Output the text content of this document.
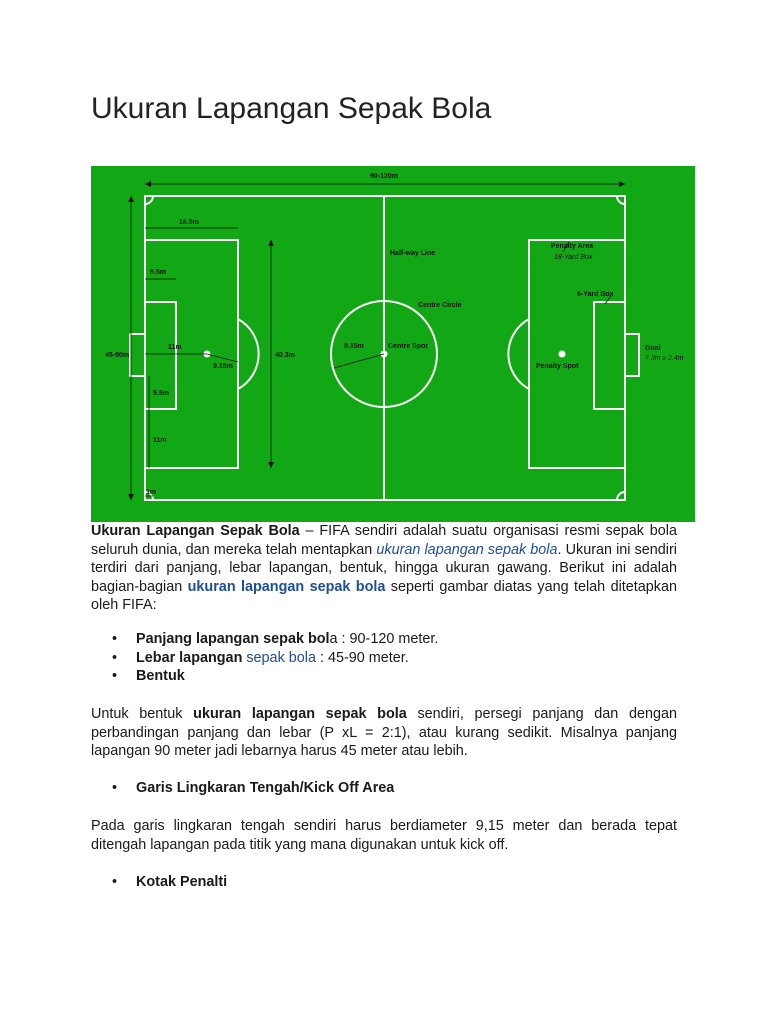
Ukuran Lapangan Sepak Bola
90-120m
45-90m
16.5m
5.5m
11m
9.15m
5.5m
11m
1m
40.3m
9.15m
Half-way Line
Centre Circle
Centre Spot
Penalty Area
6-Yard Box
Goal
Penalty Spot
18-Yard Box
7.3m x 2.4m

Ukuran Lapangan Sepak Bola – FIFA sendiri adalah suatu organisasi resmi sepak bola seluruh dunia, dan mereka telah mentapkan ukuran lapangan sepak bola. Ukuran ini sendiri terdiri dari panjang, lebar lapangan, bentuk, hingga ukuran gawang. Berikut ini adalah bagian-bagian ukuran lapangan sepak bola seperti gambar diatas yang telah ditetapkan oleh FIFA:

• Panjang lapangan sepak bola : 90-120 meter.
• Lebar lapangan sepak bola : 45-90 meter.
• Bentuk

Untuk bentuk ukuran lapangan sepak bola sendiri, persegi panjang dan dengan perbandingan panjang dan lebar (P xL = 2:1), atau kurang sedikit. Misalnya panjang lapangan 90 meter jadi lebarnya harus 45 meter atau lebih.

• Garis Lingkaran Tengah/Kick Off Area

Pada garis lingkaran tengah sendiri harus berdiameter 9,15 meter dan berada tepat ditengah lapangan pada titik yang mana digunakan untuk kick off.

• Kotak Penalti
